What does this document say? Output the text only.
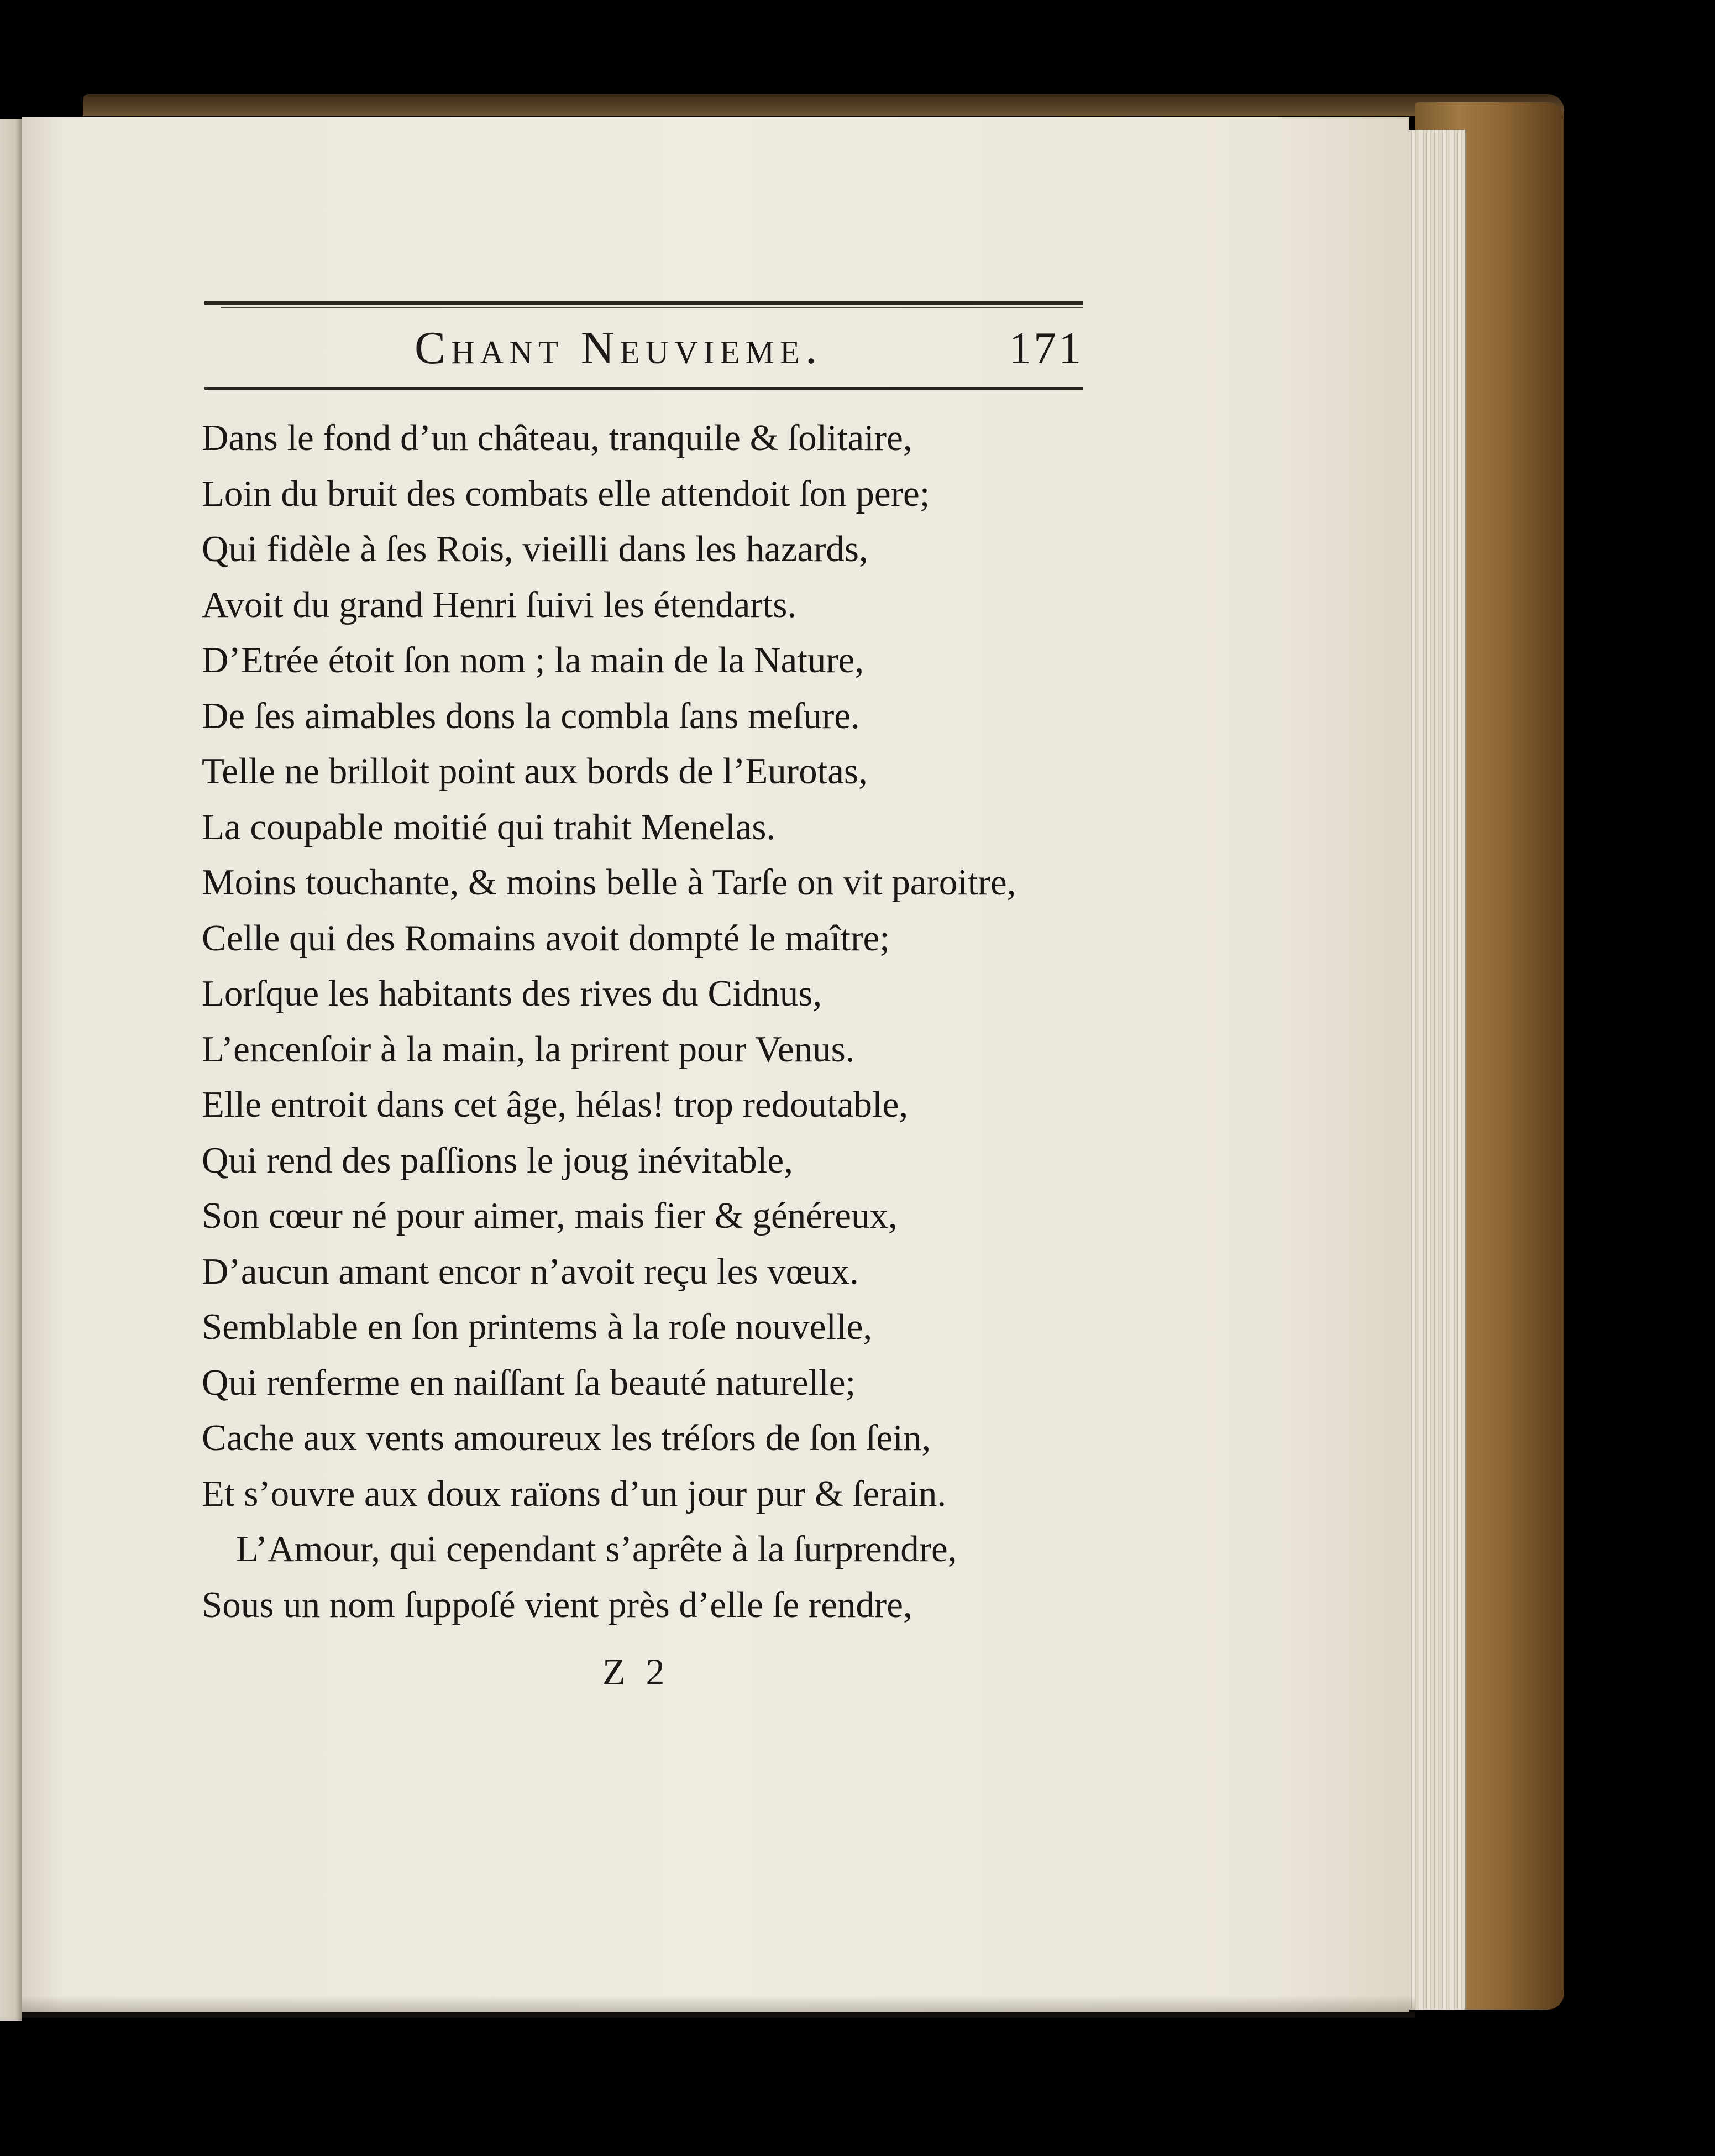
Chant Neuvieme.	171
Dans le fond d’un château, tranquile & ſolitaire,
Loin du bruit des combats elle attendoit ſon pere;
Qui fidèle à ſes Rois, vieilli dans les hazards,
Avoit du grand Henri ſuivi les étendarts.
D’Etrée étoit ſon nom ; la main de la Nature,
De ſes aimables dons la combla ſans meſure.
Telle ne brilloit point aux bords de l’Eurotas,
La coupable moitié qui trahit Menelas.
Moins touchante, & moins belle à Tarſe on vit paroitre,
Celle qui des Romains avoit dompté le maître;
Lorſque les habitants des rives du Cidnus,
L’encenſoir à la main, la prirent pour Venus.
Elle entroit dans cet âge, hélas! trop redoutable,
Qui rend des paſſions le joug inévitable,
Son cœur né pour aimer, mais fier & généreux,
D’aucun amant encor n’avoit reçu les vœux.
Semblable en ſon printems à la roſe nouvelle,
Qui renferme en naiſſant ſa beauté naturelle;
Cache aux vents amoureux les tréſors de ſon ſein,
Et s’ouvre aux doux raïons d’un jour pur & ſerain.
L’Amour, qui cependant s’aprête à la ſurprendre,
Sous un nom ſuppoſé vient près d’elle ſe rendre,
Z 2
